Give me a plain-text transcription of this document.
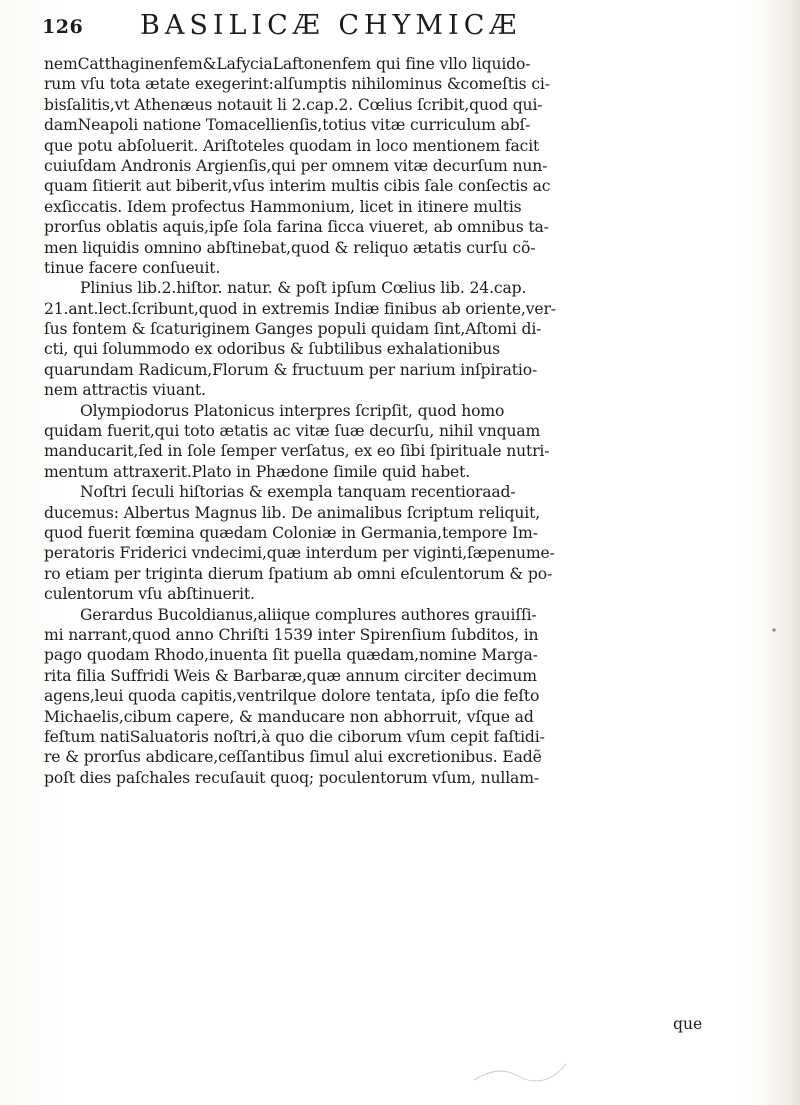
126 BASILICÆ CHYMICÆ
nemCatthaginenfem&LafyciaLaftonenfem qui fine vllo liquido-
rum vſu tota ætate exegerint:alſumptis nihilominus &comeſtis ci-
bisſalitis,vt Athenæus notauit li 2.cap.2. Cœlius ſcribit,quod qui-
damNeapoli natione Tomacellienſis,totius vitæ curriculum abſ-
que potu abſoluerit. Ariſtoteles quodam in loco mentionem facit
cuiuſdam Andronis Argienſis,qui per omnem vitæ decurſum nun-
quam ſitierit aut biberit,vſus interim multis cibis ſale conſectis ac
exſiccatis. Idem profectus Hammonium, licet in itinere multis
prorſus oblatis aquis,ipſe ſola farina ſicca viueret, ab omnibus ta-
men liquidis omnino abſtinebat,quod & reliquo ætatis curſu cõ-
tinue facere conſueuit.
Plinius lib.2.hiſtor. natur. & poſt ipſum Cœlius lib. 24.cap.
21.ant.lect.ſcribunt,quod in extremis Indiæ finibus ab oriente,ver-
ſus fontem & ſcaturiginem Ganges populi quidam ſint,Aſtomi di-
cti, qui ſolummodo ex odoribus & ſubtilibus exhalationibus
quarundam Radicum,Florum & fructuum per narium inſpiratio-
nem attractis viuant.
Olympiodorus Platonicus interpres ſcripſit, quod homo
quidam fuerit,qui toto ætatis ac vitæ ſuæ decurſu, nihil vnquam
manducarit,ſed in ſole ſemper verſatus, ex eo ſibi ſpirituale nutri-
mentum attraxerit.Plato in Phædone ſimile quid habet.
Noſtri ſeculi hiſtorias & exempla tanquam recentioraad-
ducemus: Albertus Magnus lib. De animalibus ſcriptum reliquit,
quod fuerit fœmina quædam Coloniæ in Germania,tempore Im-
peratoris Friderici vndecimi,quæ interdum per viginti,ſæpenume-
ro etiam per triginta dierum ſpatium ab omni eſculentorum & po-
culentorum vſu abſtinuerit.
Gerardus Bucoldianus,aliique complures authores grauiſſi-
mi narrant,quod anno Chriſti 1539 inter Spirenſium ſubditos, in
pago quodam Rhodo,inuenta ſit puella quædam,nomine Marga-
rita filia Suffridi Weis & Barbaræ,quæ annum circiter decimum
agens,leui quoda capitis,ventrilque dolore tentata, ipſo die feſto
Michaelis,cibum capere, & manducare non abhorruit, vſque ad
feſtum natiSaluatoris noſtri,à quo die ciborum vſum cepit faſtidi-
re & prorſus abdicare,ceſſantibus ſimul alui excretionibus. Eadẽ
poſt dies paſchales recuſauit quoq; poculentorum vſum, nullam-
que
